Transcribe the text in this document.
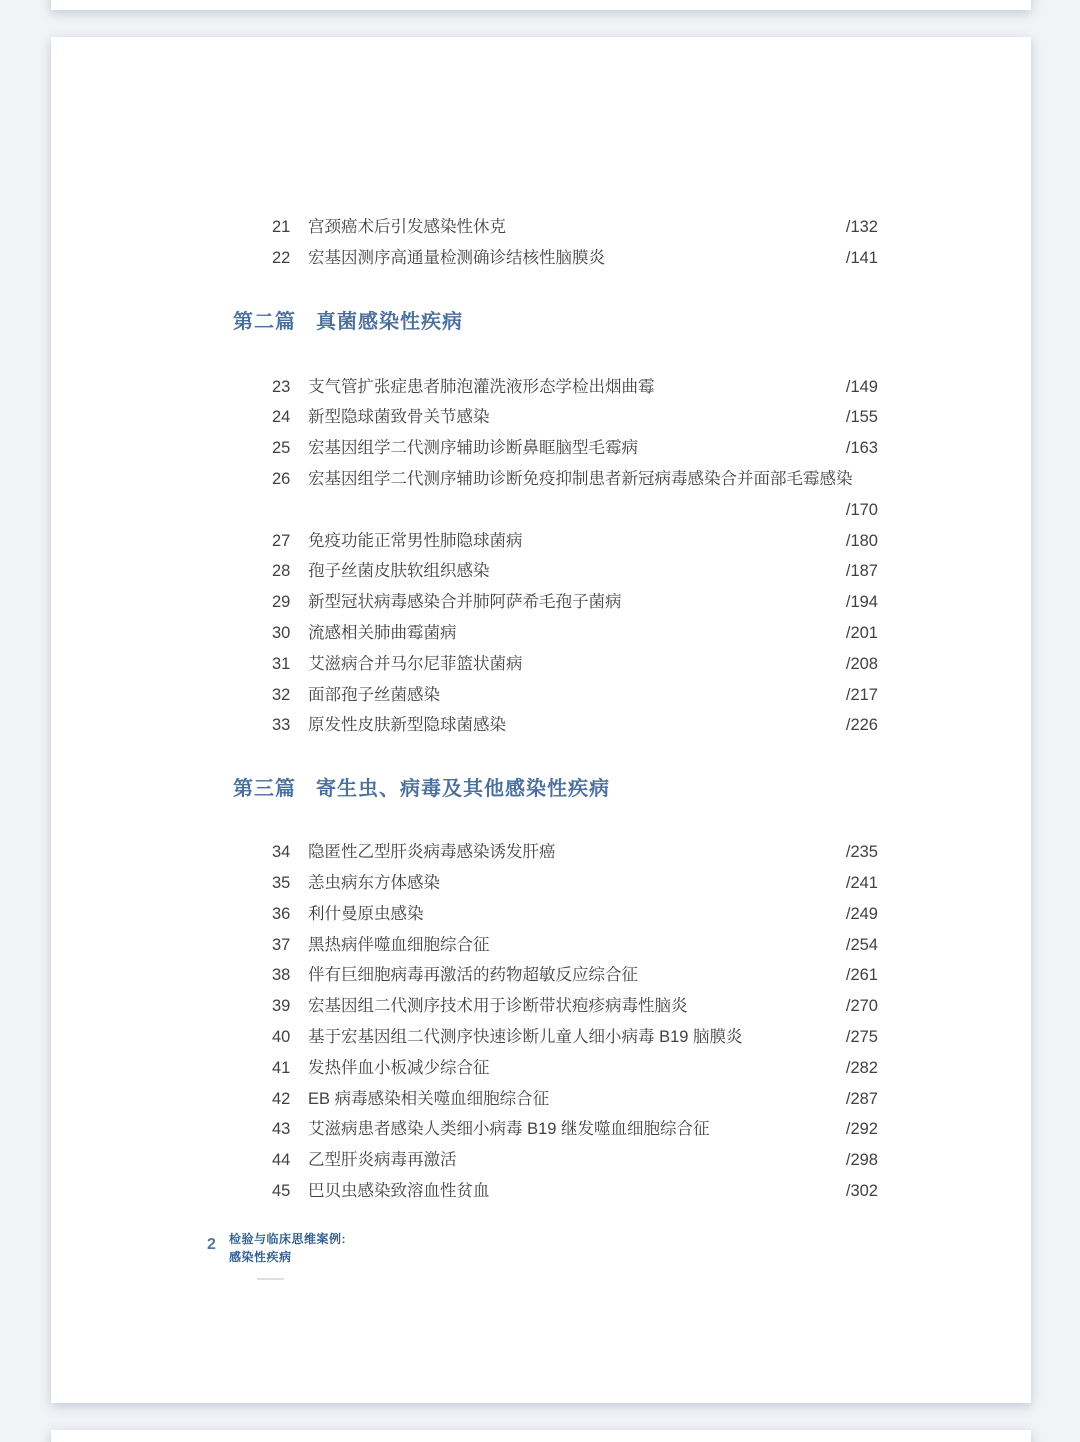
21	宫颈癌术后引发感染性休克	/132
22	宏基因测序高通量检测确诊结核性脑膜炎	/141
第二篇 真菌感染性疾病
23	支气管扩张症患者肺泡灌洗液形态学检出烟曲霉	/149
24	新型隐球菌致骨关节感染	/155
25	宏基因组学二代测序辅助诊断鼻眶脑型毛霉病	/163
26	宏基因组学二代测序辅助诊断免疫抑制患者新冠病毒感染合并面部毛霉感染
/170
27	免疫功能正常男性肺隐球菌病	/180
28	孢子丝菌皮肤软组织感染	/187
29	新型冠状病毒感染合并肺阿萨希毛孢子菌病	/194
30	流感相关肺曲霉菌病	/201
31	艾滋病合并马尔尼菲篮状菌病	/208
32	面部孢子丝菌感染	/217
33	原发性皮肤新型隐球菌感染	/226
第三篇 寄生虫、病毒及其他感染性疾病
34	隐匿性乙型肝炎病毒感染诱发肝癌	/235
35	恙虫病东方体感染	/241
36	利什曼原虫感染	/249
37	黑热病伴噬血细胞综合征	/254
38	伴有巨细胞病毒再激活的药物超敏反应综合征	/261
39	宏基因组二代测序技术用于诊断带状疱疹病毒性脑炎	/270
40	基于宏基因组二代测序快速诊断儿童人细小病毒 B19 脑膜炎	/275
41	发热伴血小板减少综合征	/282
42	EB 病毒感染相关噬血细胞综合征	/287
43	艾滋病患者感染人类细小病毒 B19 继发噬血细胞综合征	/292
44	乙型肝炎病毒再激活	/298
45	巴贝虫感染致溶血性贫血	/302
2 检验与临床思维案例:
感染性疾病
